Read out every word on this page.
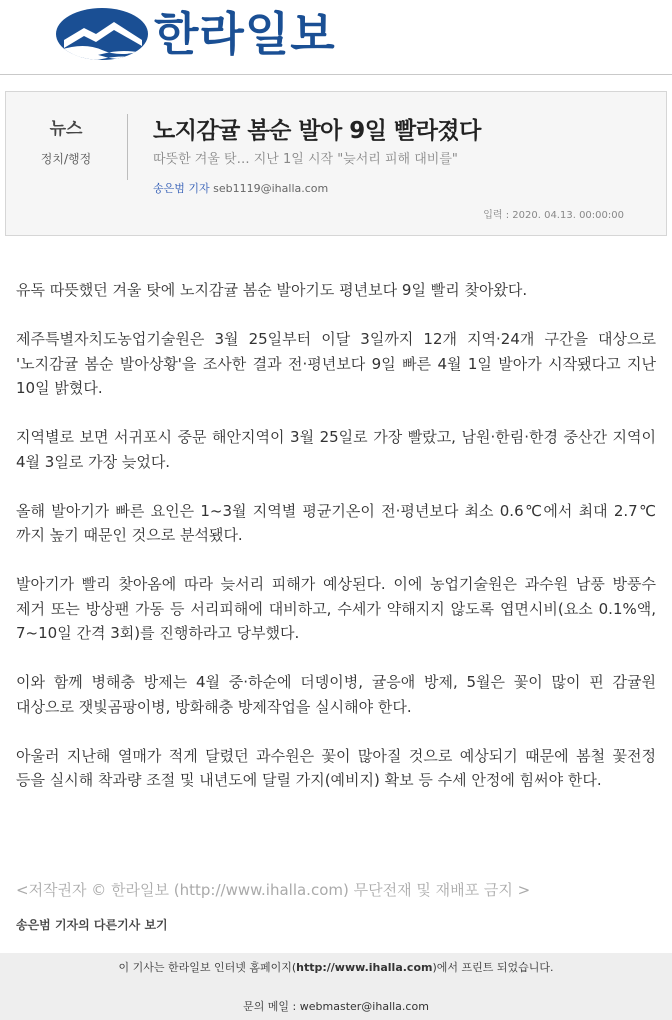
한라일보
뉴스
정치/행정
노지감귤 봄순 발아 9일 빨라졌다
따뜻한 겨울 탓… 지난 1일 시작 "늦서리 피해 대비를"
송은범 기자 seb1119@ihalla.com
입력 : 2020. 04.13. 00:00:00

유독 따뜻했던 겨울 탓에 노지감귤 봄순 발아기도 평년보다 9일 빨리 찾아왔다.

제주특별자치도농업기술원은 3월 25일부터 이달 3일까지 12개 지역·24개 구간을 대상으로 '노지감귤 봄순 발아상황'을 조사한 결과 전·평년보다 9일 빠른 4월 1일 발아가 시작됐다고 지난 10일 밝혔다.

지역별로 보면 서귀포시 중문 해안지역이 3월 25일로 가장 빨랐고, 남원·한림·한경 중산간 지역이 4월 3일로 가장 늦었다.

올해 발아기가 빠른 요인은 1~3월 지역별 평균기온이 전·평년보다 최소 0.6℃에서 최대 2.7℃까지 높기 때문인 것으로 분석됐다.

발아기가 빨리 찾아옴에 따라 늦서리 피해가 예상된다. 이에 농업기술원은 과수원 남풍 방풍수 제거 또는 방상팬 가동 등 서리피해에 대비하고, 수세가 약해지지 않도록 엽면시비(요소 0.1%액, 7~10일 간격 3회)를 진행하라고 당부했다.

이와 함께 병해충 방제는 4월 중·하순에 더뎅이병, 귤응애 방제, 5월은 꽃이 많이 핀 감귤원 대상으로 잿빛곰팡이병, 방화해충 방제작업을 실시해야 한다.

아울러 지난해 열매가 적게 달렸던 과수원은 꽃이 많아질 것으로 예상되기 때문에 봄철 꽃전정 등을 실시해 착과량 조절 및 내년도에 달릴 가지(예비지) 확보 등 수세 안정에 힘써야 한다.

<저작권자 © 한라일보 (http://www.ihalla.com) 무단전재 및 재배포 금지 >
송은범 기자의 다른기사 보기
이 기사는 한라일보 인터넷 홈페이지(http://www.ihalla.com)에서 프린트 되었습니다.
문의 메일 : webmaster@ihalla.com
